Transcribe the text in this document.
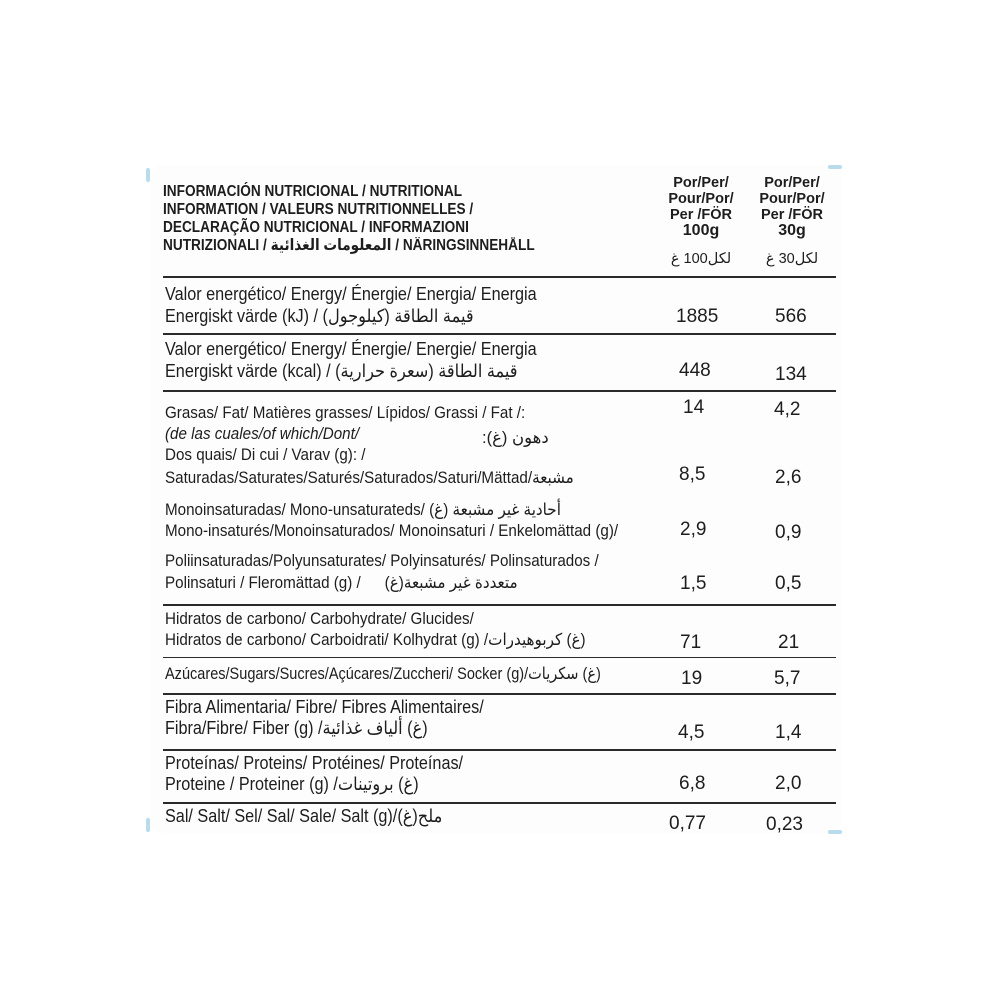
INFORMACIÓN NUTRICIONAL / NUTRITIONAL
INFORMATION / VALEURS NUTRITIONNELLES /
DECLARAÇÃO NUTRICIONAL / INFORMAZIONI
NUTRIZIONALI / المعلومات الغذائية / NÄRINGSINNEHÅLL
Por/Per/
Pour/Por/
Per /FÖR
100g
لكل100 غ
Por/Per/
Pour/Por/
Per /FÖR
30g
لكل30 غ
Valor energético/ Energy/ Énergie/ Energia/ Energia
Energiskt värde (kJ) / قيمة الطاقة (كيلوجول)	1885	566
Valor energético/ Energy/ Énergie/ Energie/ Energia
Energiskt värde (kcal) / قيمة الطاقة (سعرة حرارية)	448	134
Grasas/ Fat/ Matières grasses/ Lípidos/ Grassi / Fat /:
(de las cuales/of which/Dont/	دهون (غ):
Dos quais/ Di cui / Varav (g): /
14	4,2
Saturadas/Saturates/Saturés/Saturados/Saturi/Mättad/مشبعة	8,5	2,6
Monoinsaturadas/ Mono-unsaturateds/ أحادية غير مشبعة (غ)
Mono-insaturés/Monoinsaturados/ Monoinsaturi / Enkelomättad (g)/	2,9	0,9
Poliinsaturadas/Polyunsaturates/ Polyinsaturés/ Polinsaturados /
Polinsaturi / Fleromättad (g) / متعددة غير مشبعة(غ)	1,5	0,5
Hidratos de carbono/ Carbohydrate/ Glucides/
Hidratos de carbono/ Carboidrati/ Kolhydrat (g) /(غ) كربوهيدرات	71	21
Azúcares/Sugars/Sucres/Açúcares/Zuccheri/ Socker (g)/(غ) سكريات	19	5,7
Fibra Alimentaria/ Fibre/ Fibres Alimentaires/
Fibra/Fibre/ Fiber (g) /(غ) ألياف غذائية	4,5	1,4
Proteínas/ Proteins/ Protéines/ Proteínas/
Proteine / Proteiner (g) /(غ) بروتينات	6,8	2,0
Sal/ Salt/ Sel/ Sal/ Sale/ Salt (g)/ملح(غ)	0,77	0,23
